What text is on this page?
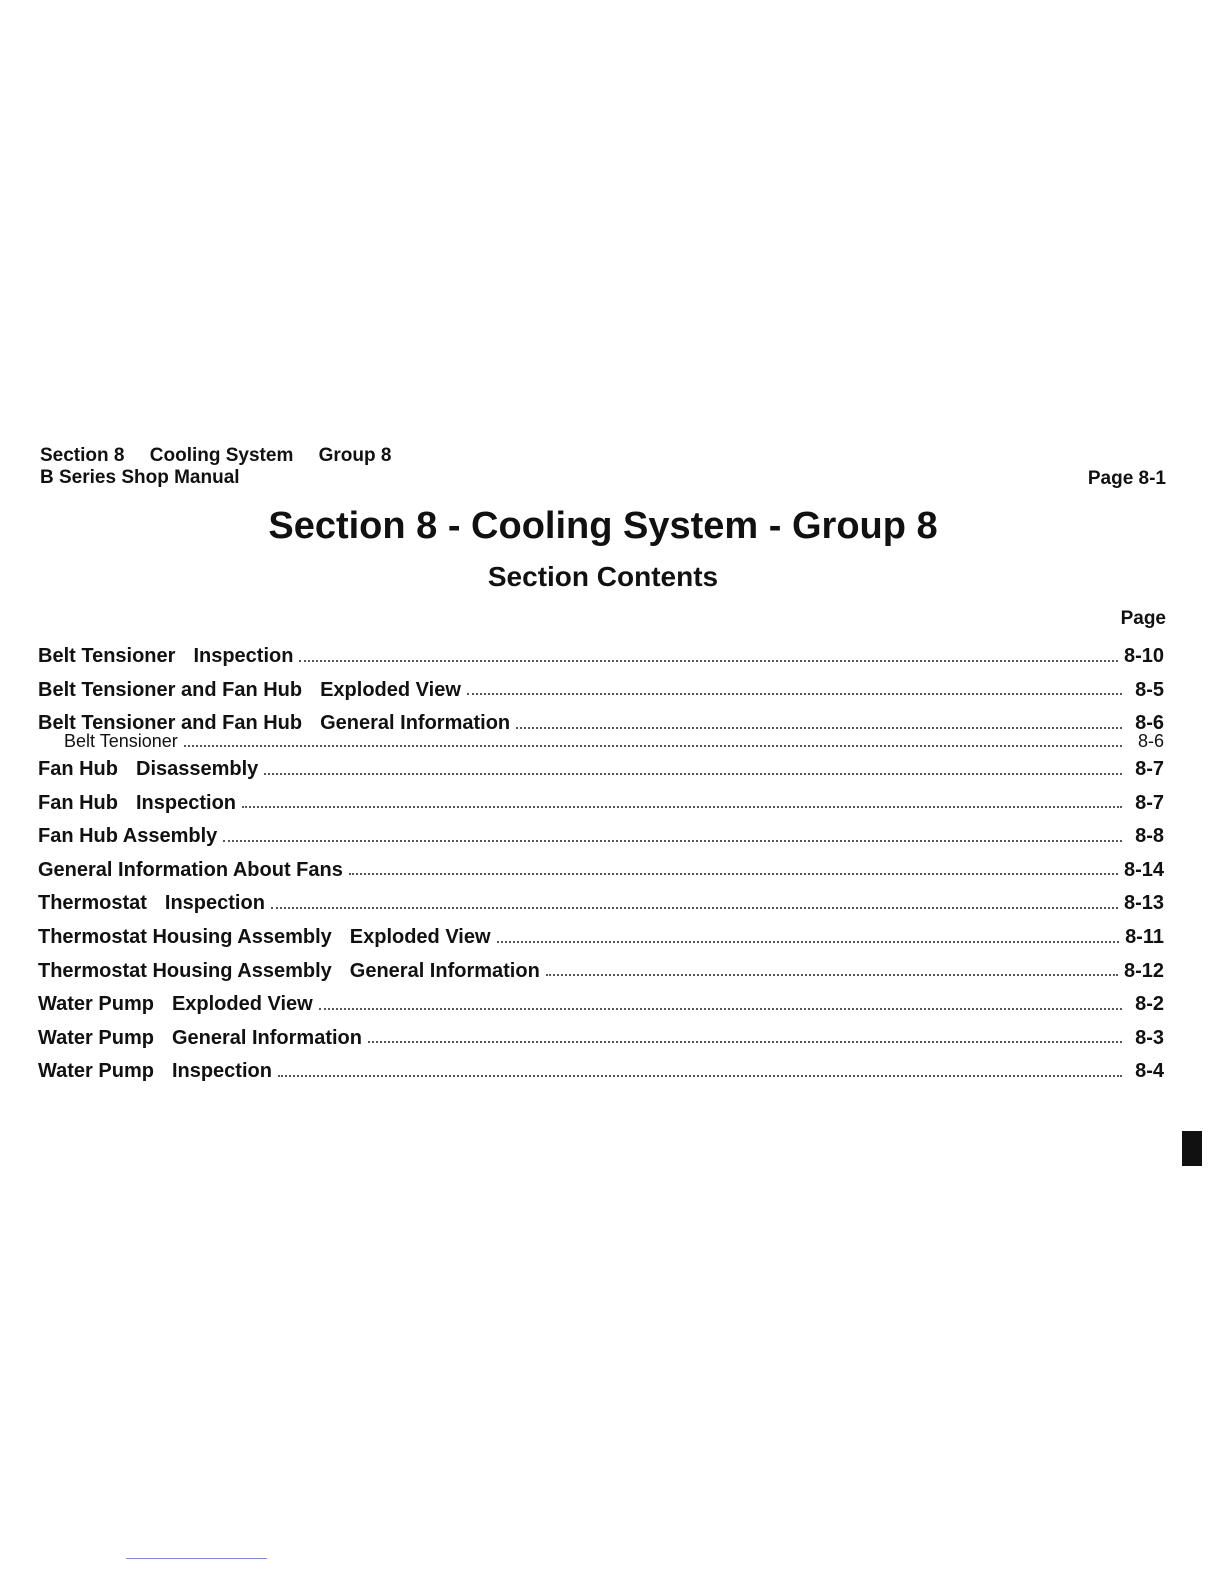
Section 8 Cooling System Group 8
B Series Shop Manual	Page 8-1
Section 8 - Cooling System - Group 8
Section Contents
Page
Belt Tensioner Inspection	8-10
Belt Tensioner and Fan Hub Exploded View	8-5
Belt Tensioner and Fan Hub General Information	8-6
Belt Tensioner	8-6
Fan Hub Disassembly	8-7
Fan Hub Inspection	8-7
Fan Hub Assembly	8-8
General Information About Fans	8-14
Thermostat Inspection	8-13
Thermostat Housing Assembly Exploded View	8-11
Thermostat Housing Assembly General Information	8-12
Water Pump Exploded View	8-2
Water Pump General Information	8-3
Water Pump Inspection	8-4
